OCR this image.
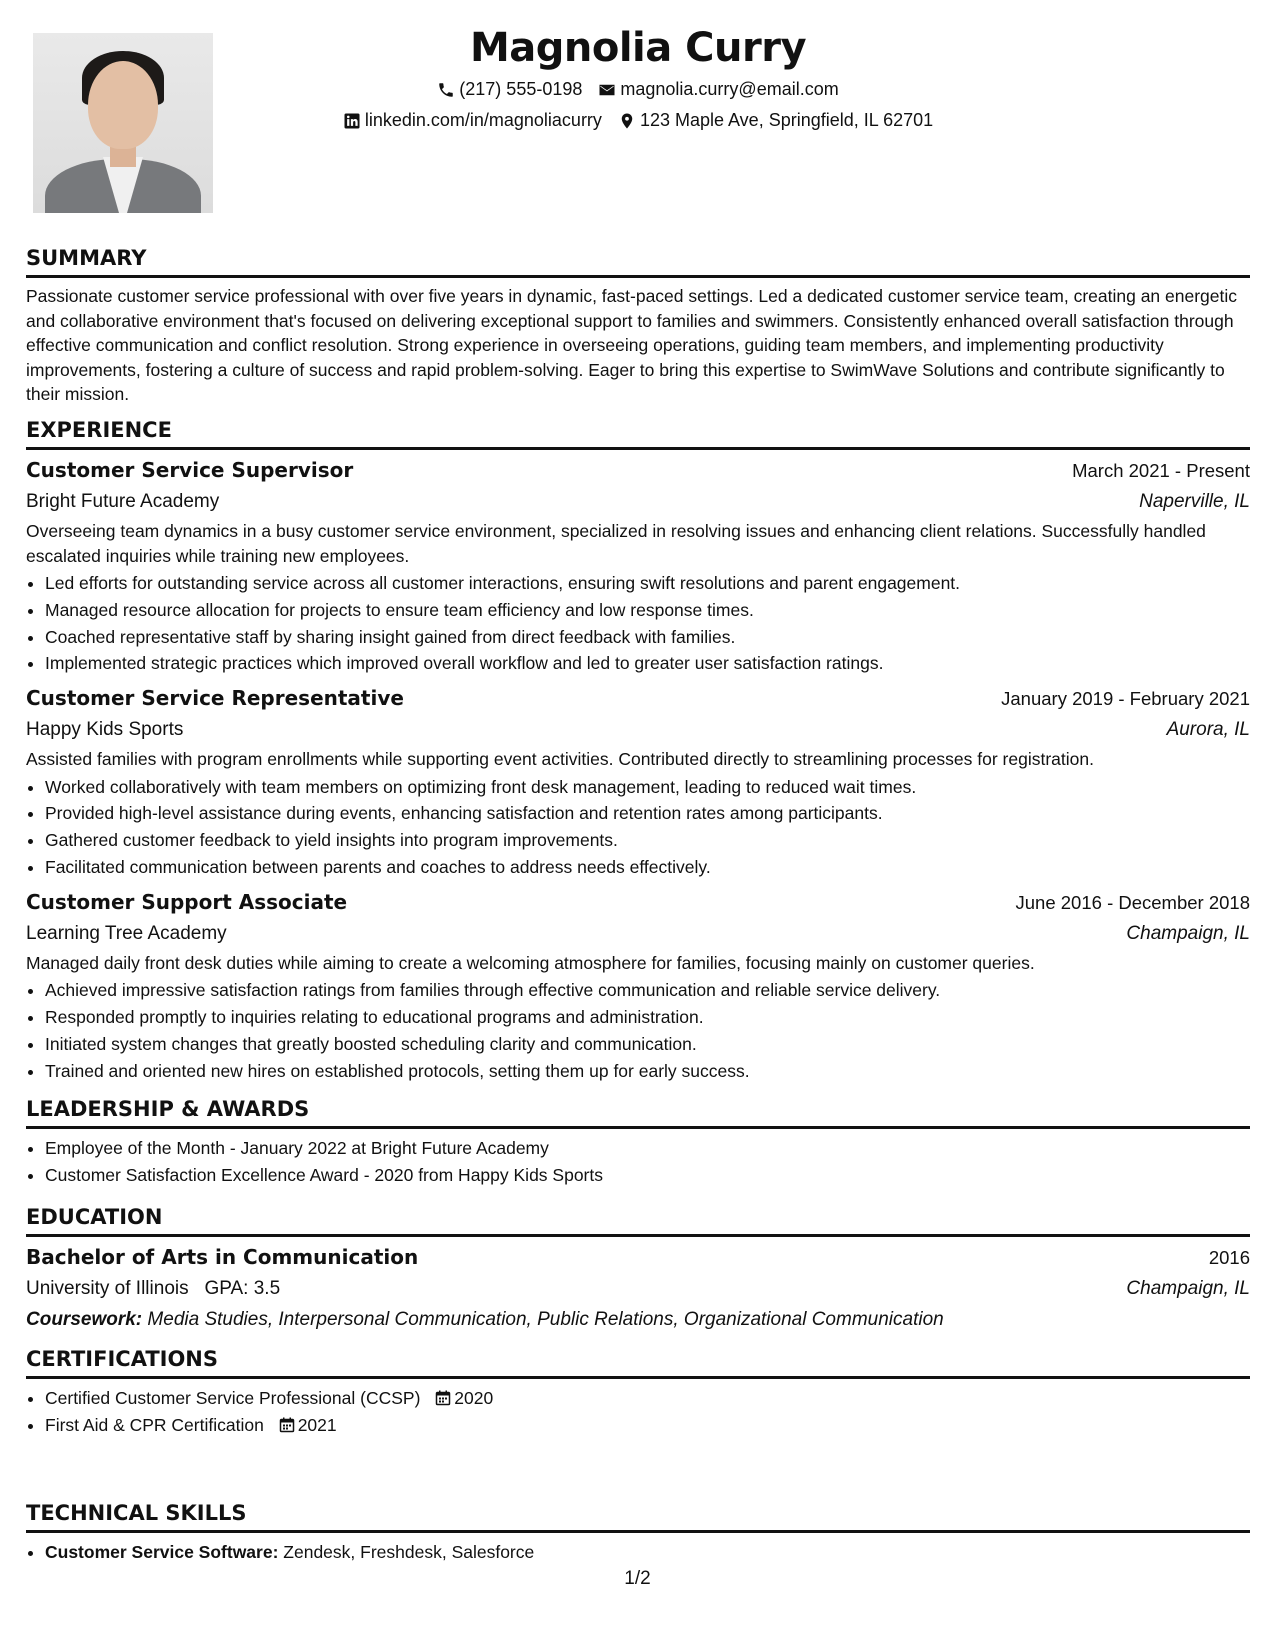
Magnolia Curry
(217) 555-0198 magnolia.curry@email.com
linkedin.com/in/magnoliacurry 123 Maple Ave, Springfield, IL 62701
SUMMARY

Passionate customer service professional with over five years in dynamic, fast-paced settings. Led a dedicated customer service team, creating an energetic and collaborative environment that's focused on delivering exceptional support to families and swimmers. Consistently enhanced overall satisfaction through effective communication and conflict resolution. Strong experience in overseeing operations, guiding team members, and implementing productivity improvements, fostering a culture of success and rapid problem-solving. Eager to bring this expertise to SwimWave Solutions and contribute significantly to their mission.

EXPERIENCE
Customer Service Supervisor	March 2021 - Present
Bright Future Academy	Naperville, IL

Overseeing team dynamics in a busy customer service environment, specialized in resolving issues and enhancing client relations. Successfully handled escalated inquiries while training new employees.

• Led efforts for outstanding service across all customer interactions, ensuring swift resolutions and parent engagement.
• Managed resource allocation for projects to ensure team efficiency and low response times.
• Coached representative staff by sharing insight gained from direct feedback with families.
• Implemented strategic practices which improved overall workflow and led to greater user satisfaction ratings.
Customer Service Representative	January 2019 - February 2021
Happy Kids Sports	Aurora, IL

Assisted families with program enrollments while supporting event activities. Contributed directly to streamlining processes for registration.

• Worked collaboratively with team members on optimizing front desk management, leading to reduced wait times.
• Provided high-level assistance during events, enhancing satisfaction and retention rates among participants.
• Gathered customer feedback to yield insights into program improvements.
• Facilitated communication between parents and coaches to address needs effectively.
Customer Support Associate	June 2016 - December 2018
Learning Tree Academy	Champaign, IL

Managed daily front desk duties while aiming to create a welcoming atmosphere for families, focusing mainly on customer queries.

• Achieved impressive satisfaction ratings from families through effective communication and reliable service delivery.
• Responded promptly to inquiries relating to educational programs and administration.
• Initiated system changes that greatly boosted scheduling clarity and communication.
• Trained and oriented new hires on established protocols, setting them up for early success.
LEADERSHIP & AWARDS
• Employee of the Month - January 2022 at Bright Future Academy
• Customer Satisfaction Excellence Award - 2020 from Happy Kids Sports
EDUCATION
Bachelor of Arts in Communication	2016
University of Illinois GPA: 3.5	Champaign, IL
Coursework: Media Studies, Interpersonal Communication, Public Relations, Organizational Communication
CERTIFICATIONS
• Certified Customer Service Professional (CCSP) 2020
• First Aid & CPR Certification 2021
TECHNICAL SKILLS
• Customer Service Software: Zendesk, Freshdesk, Salesforce
1/2
